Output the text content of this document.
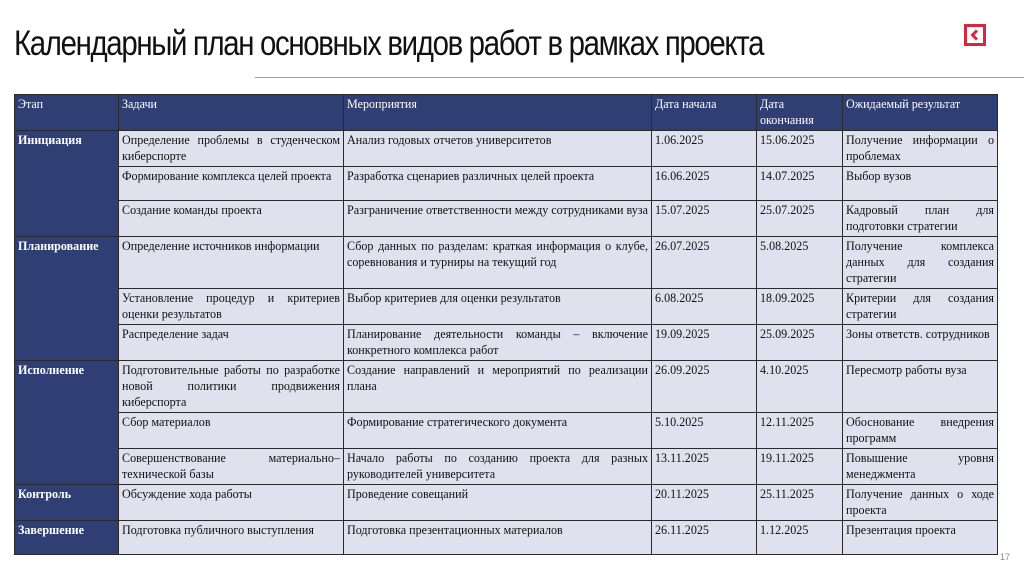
Календарный план основных видов работ в рамках проекта
Этап	Задачи	Мероприятия	Дата начала	Дата окончания	Ожидаемый результат
Инициация	Определение проблемы в студенческом киберспорте	Анализ годовых отчетов университетов	1.06.2025	15.06.2025	Получение информации о проблемах
	Формирование комплекса целей проекта	Разработка сценариев различных целей проекта	16.06.2025	14.07.2025	Выбор вузов
	Создание команды проекта	Разграничение ответственности между сотрудниками вуза	15.07.2025	25.07.2025	Кадровый план для подготовки стратегии
Планирование	Определение источников информации	Сбор данных по разделам: краткая информация о клубе, соревнования и турниры на текущий год	26.07.2025	5.08.2025	Получение комплекса данных для создания стратегии
	Установление процедур и критериев оценки результатов	Выбор критериев для оценки результатов	6.08.2025	18.09.2025	Критерии для создания стратегии
	Распределение задач	Планирование деятельности команды – включение конкретного комплекса работ	19.09.2025	25.09.2025	Зоны ответств. сотрудников
Исполнение	Подготовительные работы по разработке новой политики продвижения киберспорта	Создание направлений и мероприятий по реализации плана	26.09.2025	4.10.2025	Пересмотр работы вуза
	Сбор материалов	Формирование стратегического документа	5.10.2025	12.11.2025	Обоснование внедрения программ
	Совершенствование материально–технической базы	Начало работы по созданию проекта для разных руководителей университета	13.11.2025	19.11.2025	Повышение уровня менеджмента
Контроль	Обсуждение хода работы	Проведение совещаний	20.11.2025	25.11.2025	Получение данных о ходе проекта
Завершение	Подготовка публичного выступления	Подготовка презентационных материалов	26.11.2025	1.12.2025	Презентация проекта
17
